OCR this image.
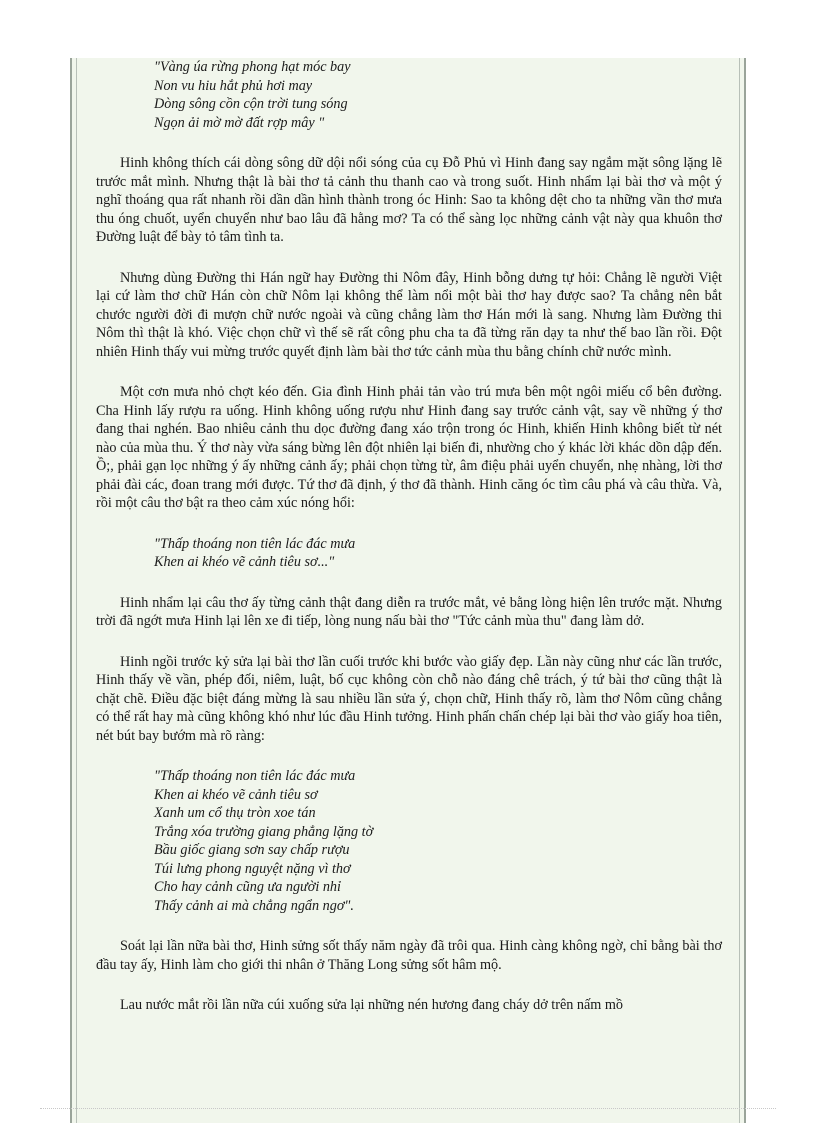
"Vàng úa rừng phong hạt móc bay
Non vu hiu hắt phủ hơi may
Dòng sông cồn cộn trời tung sóng
Ngọn ải mờ mờ đất rợp mây "

Hinh không thích cái dòng sông dữ dội nổi sóng của cụ Đỗ Phủ vì Hinh đang say ngắm mặt sông lặng lẽ trước mắt mình. Nhưng thật là bài thơ tả cảnh thu thanh cao và trong suốt. Hinh nhẩm lại bài thơ và một ý nghĩ thoáng qua rất nhanh rồi dần dần hình thành trong óc Hinh: Sao ta không dệt cho ta những vần thơ mưa thu óng chuốt, uyển chuyển như bao lâu đã hằng mơ? Ta có thể sàng lọc những cảnh vật này qua khuôn thơ Đường luật để bày tỏ tâm tình ta.

Nhưng dùng Đường thi Hán ngữ hay Đường thi Nôm đây, Hinh bỗng dưng tự hỏi: Chẳng lẽ người Việt lại cứ làm thơ chữ Hán còn chữ Nôm lại không thể làm nổi một bài thơ hay được sao? Ta chẳng nên bắt chước người đời đi mượn chữ nước ngoài và cũng chẳng làm thơ Hán mới là sang. Nhưng làm Đường thi Nôm thì thật là khó. Việc chọn chữ vì thế sẽ rất công phu cha ta đã từng răn dạy ta như thế bao lần rồi. Đột nhiên Hinh thấy vui mừng trước quyết định làm bài thơ tức cảnh mùa thu bằng chính chữ nước mình.

Một cơn mưa nhỏ chợt kéo đến. Gia đình Hinh phải tản vào trú mưa bên một ngôi miếu cổ bên đường. Cha Hinh lấy rượu ra uống. Hinh không uống rượu như Hinh đang say trước cảnh vật, say về những ý thơ đang thai nghén. Bao nhiêu cảnh thu dọc đường đang xáo trộn trong óc Hinh, khiến Hinh không biết từ nét nào của mùa thu. Ý thơ này vừa sáng bừng lên đột nhiên lại biến đi, nhường cho ý khác lời khác dồn dập đến. Ồ;, phải gạn lọc những ý ấy những cảnh ấy; phải chọn từng từ, âm điệu phải uyển chuyển, nhẹ nhàng, lời thơ phải đài các, đoan trang mới được. Tứ thơ đã định, ý thơ đã thành. Hinh căng óc tìm câu phá và câu thừa. Và, rồi một câu thơ bật ra theo cảm xúc nóng hổi:

"Thấp thoáng non tiên lác đác mưa
Khen ai khéo vẽ cảnh tiêu sơ..."

Hinh nhẩm lại câu thơ ấy từng cảnh thật đang diễn ra trước mắt, vẻ bằng lòng hiện lên trước mặt. Nhưng trời đã ngớt mưa Hinh lại lên xe đi tiếp, lòng nung nấu bài thơ "Tức cảnh mùa thu" đang làm dở.

Hinh ngồi trước kỷ sửa lại bài thơ lần cuối trước khi bước vào giấy đẹp. Lần này cũng như các lần trước, Hinh thấy về vần, phép đối, niêm, luật, bố cục không còn chỗ nào đáng chê trách, ý tứ bài thơ cũng thật là chặt chẽ. Điều đặc biệt đáng mừng là sau nhiều lần sửa ý, chọn chữ, Hinh thấy rõ, làm thơ Nôm cũng chẳng có thể rất hay mà cũng không khó như lúc đầu Hinh tưởng. Hinh phấn chấn chép lại bài thơ vào giấy hoa tiên, nét bút bay bướm mà rõ ràng:

"Thấp thoáng non tiên lác đác mưa
Khen ai khéo vẽ cảnh tiêu sơ
Xanh um cổ thụ tròn xoe tán
Trắng xóa trường giang phẳng lặng tờ
Bầu giốc giang sơn say chấp rượu
Túi lưng phong nguyệt nặng vì thơ
Cho hay cảnh cũng ưa người nhỉ
Thấy cảnh ai mà chẳng ngẩn ngơ".

Soát lại lần nữa bài thơ, Hinh sửng sốt thấy năm ngày đã trôi qua. Hinh càng không ngờ, chỉ bằng bài thơ đầu tay ấy, Hinh làm cho giới thi nhân ở Thăng Long sửng sốt hâm mộ.

Lau nước mắt rồi lần nữa cúi xuống sửa lại những nén hương đang cháy dở trên nấm mồ
